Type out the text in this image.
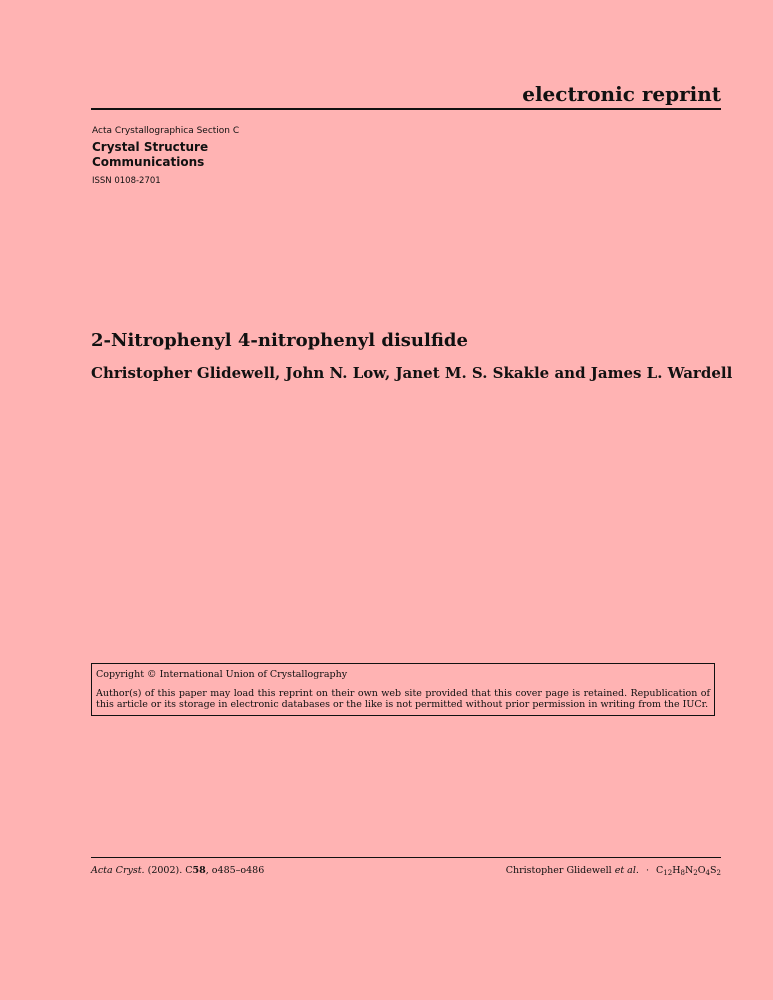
electronic reprint
Acta Crystallographica Section C
Crystal Structure
Communications
ISSN 0108-2701
2-Nitrophenyl 4-nitrophenyl disulfide
Christopher Glidewell, John N. Low, Janet M. S. Skakle and James L. Wardell
Copyright © International Union of Crystallography
Author(s) of this paper may load this reprint on their own web site provided that this cover page is retained. Republication of this article or its storage in electronic databases or the like is not permitted without prior permission in writing from the IUCr.
Acta Cryst. (2002). C58, o485–o486	Christopher Glidewell et al. · $C_{12}H_8N_2O_4S_2$
